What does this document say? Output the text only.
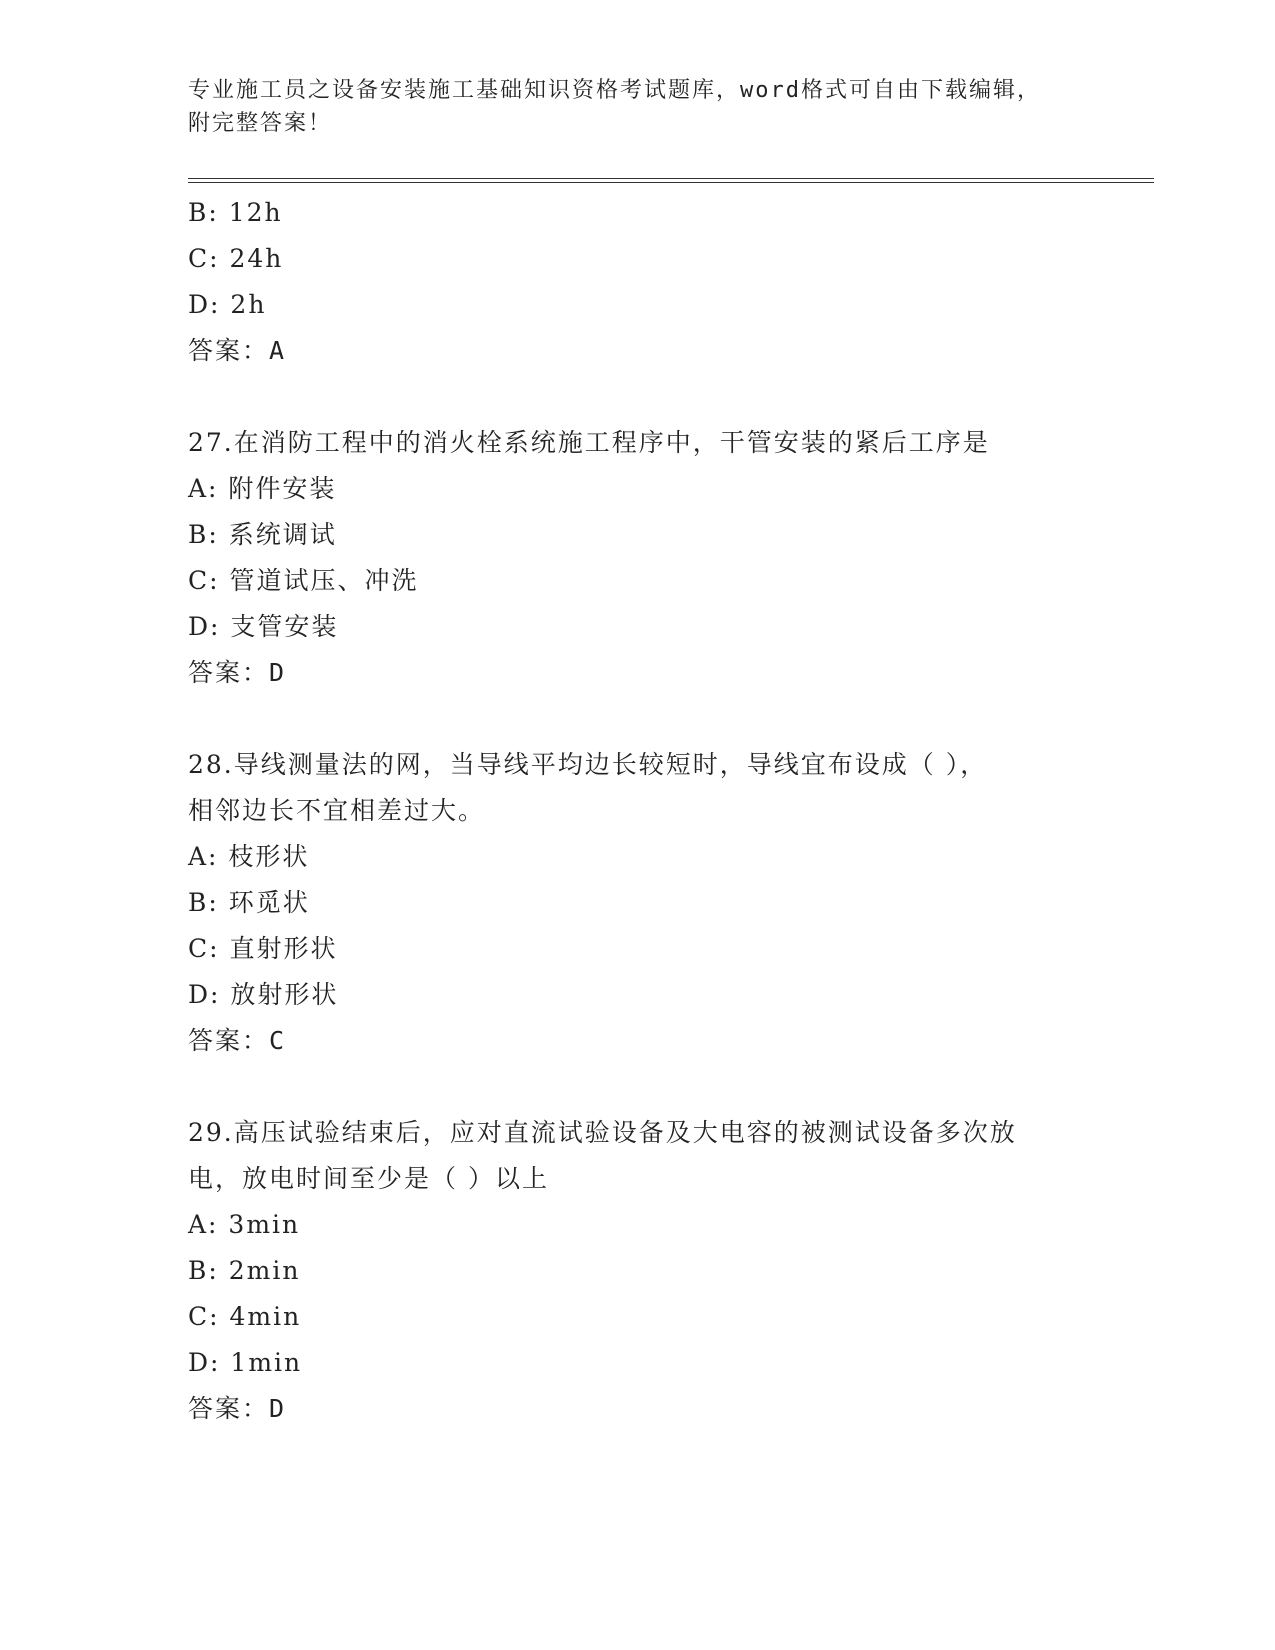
专业施工员之设备安装施工基础知识资格考试题库，word格式可自由下载编辑，
附完整答案！
B: 12h
C: 24h
D: 2h
答案：A
27.在消防工程中的消火栓系统施工程序中，干管安装的紧后工序是
A: 附件安装
B: 系统调试
C: 管道试压、冲洗
D: 支管安装
答案：D
28.导线测量法的网，当导线平均边长较短时，导线宜布设成（ ），
相邻边长不宜相差过大。
A: 枝形状
B: 环觅状
C: 直射形状
D: 放射形状
答案：C
29.高压试验结束后，应对直流试验设备及大电容的被测试设备多次放
电，放电时间至少是（ ）以上
A: 3min
B: 2min
C: 4min
D: 1min
答案：D
